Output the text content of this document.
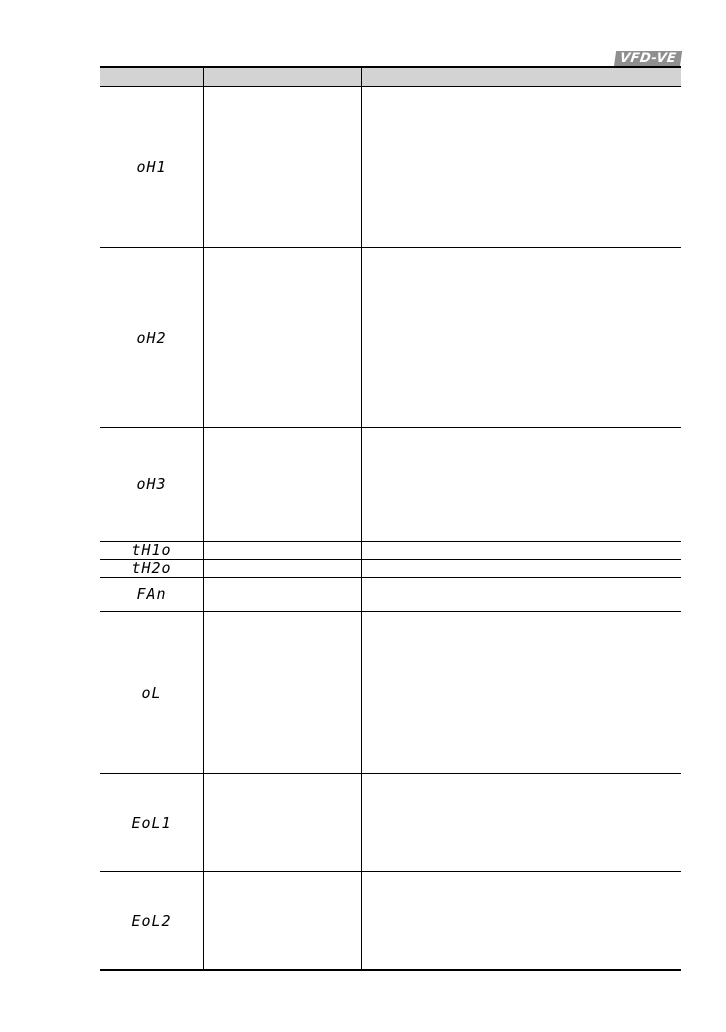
VFD-VE
oH1
oH2
oH3
tH1o
tH2o
FAn
oL
EoL1
EoL2
